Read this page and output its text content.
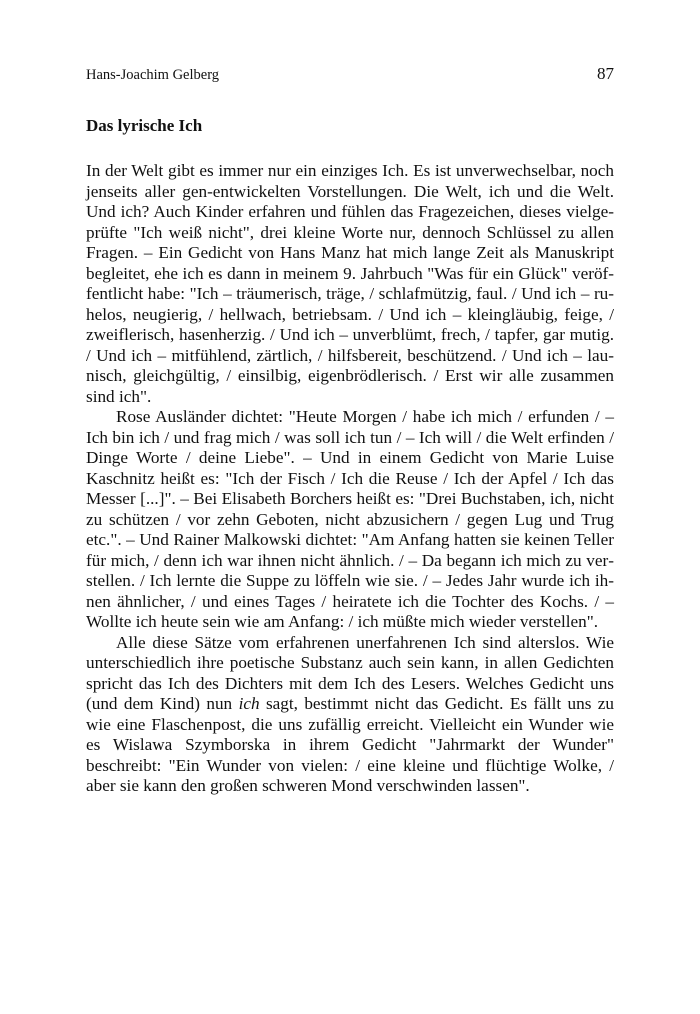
Hans-Joachim Gelberg	87
Das lyrische Ich

In der Welt gibt es immer nur ein einziges Ich. Es ist unverwechselbar, noch jenseits aller gen-entwickelten Vorstellungen. Die Welt, ich und die Welt. Und ich? Auch Kinder erfahren und fühlen das Fragezeichen, dieses vielgeprüfte "Ich weiß nicht", drei kleine Worte nur, dennoch Schlüssel zu allen Fragen. – Ein Gedicht von Hans Manz hat mich lange Zeit als Manuskript begleitet, ehe ich es dann in meinem 9. Jahrbuch "Was für ein Glück" veröffentlicht habe: "Ich – träumerisch, träge, / schlafmützig, faul. / Und ich – ruhelos, neugierig, / hellwach, betriebsam. / Und ich – kleingläubig, feige, / zweiflerisch, hasenherzig. / Und ich – unverblümt, frech, / tapfer, gar mutig. / Und ich – mitfühlend, zärtlich, / hilfsbereit, beschützend. / Und ich – launisch, gleichgültig, / einsilbig, eigenbrödlerisch. / Erst wir alle zusammen sind ich".

Rose Ausländer dichtet: "Heute Morgen / habe ich mich / erfunden / – Ich bin ich / und frag mich / was soll ich tun / – Ich will / die Welt erfinden / Dinge Worte / deine Liebe". – Und in einem Gedicht von Marie Luise Kaschnitz heißt es: "Ich der Fisch / Ich die Reuse / Ich der Apfel / Ich das Messer [...]". – Bei Elisabeth Borchers heißt es: "Drei Buchstaben, ich, nicht zu schützen / vor zehn Geboten, nicht abzusichern / gegen Lug und Trug etc.". – Und Rainer Malkowski dichtet: "Am Anfang hatten sie keinen Teller für mich, / denn ich war ihnen nicht ähnlich. / – Da begann ich mich zu verstellen. / Ich lernte die Suppe zu löffeln wie sie. / – Jedes Jahr wurde ich ihnen ähnlicher, / und eines Tages / heiratete ich die Tochter des Kochs. / – Wollte ich heute sein wie am Anfang: / ich müßte mich wieder verstellen".

Alle diese Sätze vom erfahrenen unerfahrenen Ich sind alterslos. Wie unterschiedlich ihre poetische Substanz auch sein kann, in allen Gedichten spricht das Ich des Dichters mit dem Ich des Lesers. Welches Gedicht uns (und dem Kind) nun ich sagt, bestimmt nicht das Gedicht. Es fällt uns zu wie eine Flaschenpost, die uns zufällig erreicht. Vielleicht ein Wunder wie es Wislawa Szymborska in ihrem Gedicht "Jahrmarkt der Wunder" beschreibt: "Ein Wunder von vielen: / eine kleine und flüchtige Wolke, / aber sie kann den großen schweren Mond verschwinden lassen".
